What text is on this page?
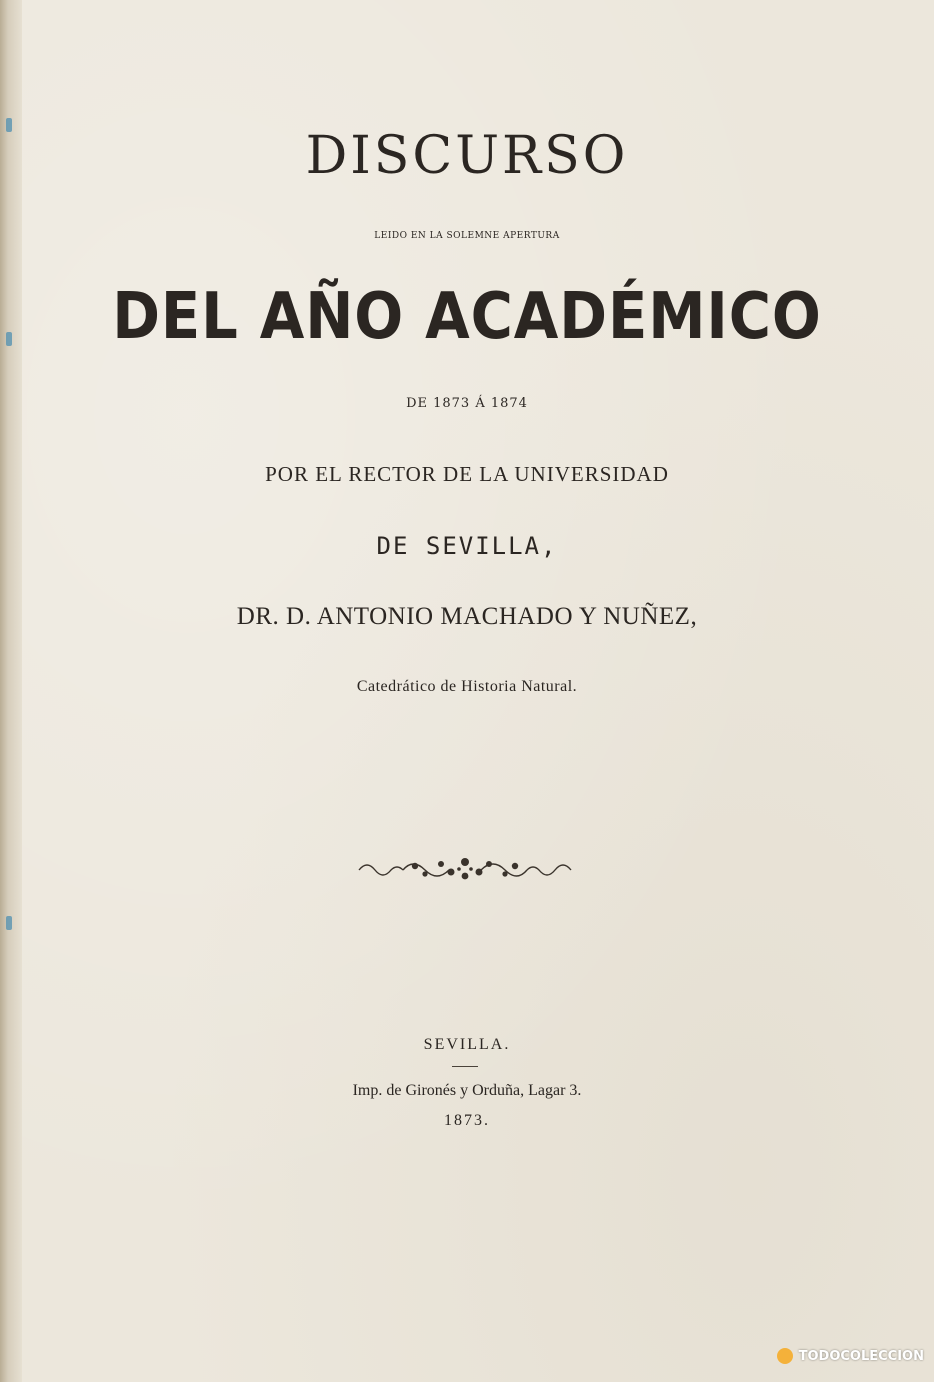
DISCURSO
LEIDO EN LA SOLEMNE APERTURA
DEL AÑO ACADÉMICO
DE 1873 Á 1874
POR EL RECTOR DE LA UNIVERSIDAD
DE SEVILLA,
DR. D. ANTONIO MACHADO Y NUÑEZ,
Catedrático de Historia Natural.
SEVILLA.
Imp. de Gironés y Orduña, Lagar 3.
1873.
TODOCOLECCION
